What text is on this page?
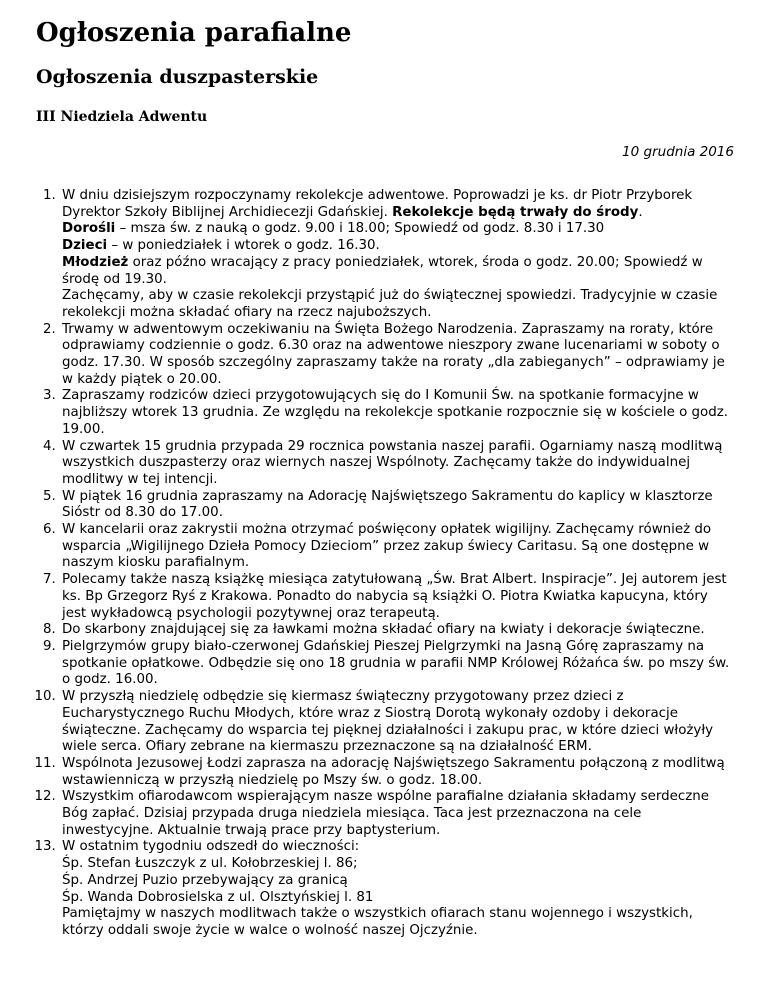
Ogłoszenia parafialne
Ogłoszenia duszpasterskie
III Niedziela Adwentu
10 grudnia 2016
1. W dniu dzisiejszym rozpoczynamy rekolekcje adwentowe. Poprowadzi je ks. dr Piotr Przyborek Dyrektor Szkoły Biblijnej Archidiecezji Gdańskiej. Rekolekcje będą trwały do środy.
Dorośli – msza św. z nauką o godz. 9.00 i 18.00; Spowiedź od godz. 8.30 i 17.30
Dzieci – w poniedziałek i wtorek o godz. 16.30.
Młodzież oraz późno wracający z pracy poniedziałek, wtorek, środa o godz. 20.00; Spowiedź w środę od 19.30.
Zachęcamy, aby w czasie rekolekcji przystąpić już do świątecznej spowiedzi. Tradycyjnie w czasie rekolekcji można składać ofiary na rzecz najuboższych.
2. Trwamy w adwentowym oczekiwaniu na Święta Bożego Narodzenia. Zapraszamy na roraty, które odprawiamy codziennie o godz. 6.30 oraz na adwentowe nieszpory zwane lucenariami w soboty o godz. 17.30. W sposób szczególny zapraszamy także na roraty „dla zabieganych” – odprawiamy je w każdy piątek o 20.00.
3. Zapraszamy rodziców dzieci przygotowujących się do I Komunii Św. na spotkanie formacyjne w najbliższy wtorek 13 grudnia. Ze względu na rekolekcje spotkanie rozpocznie się w kościele o godz. 19.00.
4. W czwartek 15 grudnia przypada 29 rocznica powstania naszej parafii. Ogarniamy naszą modlitwą wszystkich duszpasterzy oraz wiernych naszej Wspólnoty. Zachęcamy także do indywidualnej modlitwy w tej intencji.
5. W piątek 16 grudnia zapraszamy na Adorację Najświętszego Sakramentu do kaplicy w klasztorze Sióstr od 8.30 do 17.00.
6. W kancelarii oraz zakrystii można otrzymać poświęcony opłatek wigilijny. Zachęcamy również do wsparcia „Wigilijnego Dzieła Pomocy Dzieciom” przez zakup świecy Caritasu. Są one dostępne w naszym kiosku parafialnym.
7. Polecamy także naszą książkę miesiąca zatytułowaną „Św. Brat Albert. Inspiracje”. Jej autorem jest ks. Bp Grzegorz Ryś z Krakowa. Ponadto do nabycia są książki O. Piotra Kwiatka kapucyna, który jest wykładowcą psychologii pozytywnej oraz terapeutą.
8. Do skarbony znajdującej się za ławkami można składać ofiary na kwiaty i dekoracje świąteczne.
9. Pielgrzymów grupy biało-czerwonej Gdańskiej Pieszej Pielgrzymki na Jasną Górę zapraszamy na spotkanie opłatkowe. Odbędzie się ono 18 grudnia w parafii NMP Królowej Różańca św. po mszy św. o godz. 16.00.
10. W przyszłą niedzielę odbędzie się kiermasz świąteczny przygotowany przez dzieci z Eucharystycznego Ruchu Młodych, które wraz z Siostrą Dorotą wykonały ozdoby i dekoracje świąteczne. Zachęcamy do wsparcia tej pięknej działalności i zakupu prac, w które dzieci włożyły wiele serca. Ofiary zebrane na kiermaszu przeznaczone są na działalność ERM.
11. Wspólnota Jezusowej Łodzi zaprasza na adorację Najświętszego Sakramentu połączoną z modlitwą wstawienniczą w przyszłą niedzielę po Mszy św. o godz. 18.00.
12. Wszystkim ofiarodawcom wspierającym nasze wspólne parafialne działania składamy serdeczne Bóg zapłać. Dzisiaj przypada druga niedziela miesiąca. Taca jest przeznaczona na cele inwestycyjne. Aktualnie trwają prace przy baptysterium.
13. W ostatnim tygodniu odszedł do wieczności:
Śp. Stefan Łuszczyk z ul. Kołobrzeskiej l. 86;
Śp. Andrzej Puzio przebywający za granicą
Śp. Wanda Dobrosielska z ul. Olsztyńskiej l. 81
Pamiętajmy w naszych modlitwach także o wszystkich ofiarach stanu wojennego i wszystkich, którzy oddali swoje życie w walce o wolność naszej Ojczyźnie.
